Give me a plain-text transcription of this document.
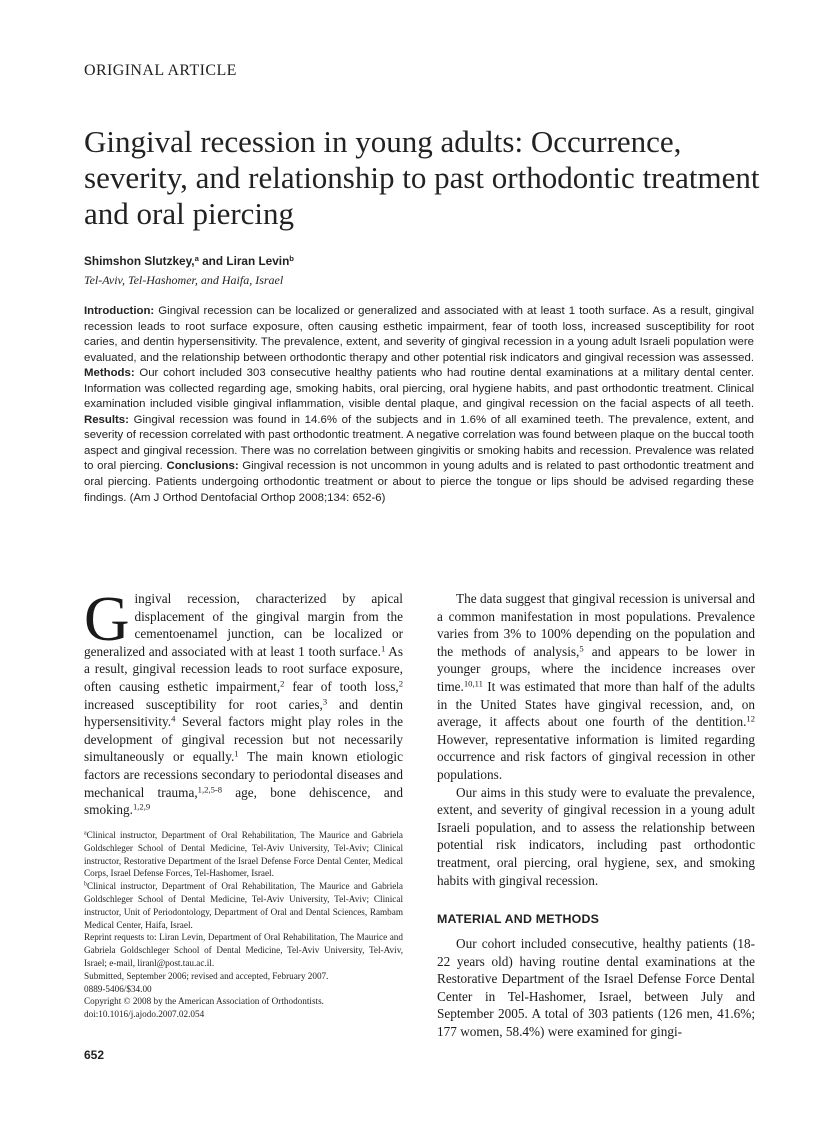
ORIGINAL ARTICLE
Gingival recession in young adults: Occurrence, severity, and relationship to past orthodontic treatment and oral piercing
Shimshon Slutzkey,$^a$ and Liran Levin$^b$
Tel-Aviv, Tel-Hashomer, and Haifa, Israel
Introduction: Gingival recession can be localized or generalized and associated with at least 1 tooth surface. As a result, gingival recession leads to root surface exposure, often causing esthetic impairment, fear of tooth loss, increased susceptibility for root caries, and dentin hypersensitivity. The prevalence, extent, and severity of gingival recession in a young adult Israeli population were evaluated, and the relationship between orthodontic therapy and other potential risk indicators and gingival recession was assessed. Methods: Our cohort included 303 consecutive healthy patients who had routine dental examinations at a military dental center. Information was collected regarding age, smoking habits, oral piercing, oral hygiene habits, and past orthodontic treatment. Clinical examination included visible gingival inflammation, visible dental plaque, and gingival recession on the facial aspects of all teeth. Results: Gingival recession was found in 14.6% of the subjects and in 1.6% of all examined teeth. The prevalence, extent, and severity of recession correlated with past orthodontic treatment. A negative correlation was found between plaque on the buccal tooth aspect and gingival recession. There was no correlation between gingivitis or smoking habits and recession. Prevalence was related to oral piercing. Conclusions: Gingival recession is not uncommon in young adults and is related to past orthodontic treatment and oral piercing. Patients undergoing orthodontic treatment or about to pierce the tongue or lips should be advised regarding these findings. (Am J Orthod Dentofacial Orthop 2008;134: 652-6)

Gingival recession, characterized by apical displacement of the gingival margin from the cementoenamel junction, can be localized or generalized and associated with at least 1 tooth surface.$^1$ As a result, gingival recession leads to root surface exposure, often causing esthetic impairment,$^2$ fear of tooth loss,$^2$ increased susceptibility for root caries,$^3$ and dentin hypersensitivity.$^4$ Several factors might play roles in the development of gingival recession but not necessarily simultaneously or equally.$^1$ The main known etiologic factors are recessions secondary to periodontal diseases and mechanical trauma,$^{1,2,5-8}$ age, bone dehiscence, and smoking.$^{1,2,9}$

$^a$Clinical instructor, Department of Oral Rehabilitation, The Maurice and Gabriela Goldschleger School of Dental Medicine, Tel-Aviv University, Tel-Aviv; Clinical instructor, Restorative Department of the Israel Defense Force Dental Center, Medical Corps, Israel Defense Forces, Tel-Hashomer, Israel.

$^b$Clinical instructor, Department of Oral Rehabilitation, The Maurice and Gabriela Goldschleger School of Dental Medicine, Tel-Aviv University, Tel-Aviv; Clinical instructor, Unit of Periodontology, Department of Oral and Dental Sciences, Rambam Medical Center, Haifa, Israel.

Reprint requests to: Liran Levin, Department of Oral Rehabilitation, The Maurice and Gabriela Goldschleger School of Dental Medicine, Tel-Aviv University, Tel-Aviv, Israel; e-mail, liranl@post.tau.ac.il.

Submitted, September 2006; revised and accepted, February 2007.

0889-5406/$34.00

Copyright © 2008 by the American Association of Orthodontists.

doi:10.1016/j.ajodo.2007.02.054

The data suggest that gingival recession is universal and a common manifestation in most populations. Prevalence varies from 3% to 100% depending on the population and the methods of analysis,$^5$ and appears to be lower in younger groups, where the incidence increases over time.$^{10,11}$ It was estimated that more than half of the adults in the United States have gingival recession, and, on average, it affects about one fourth of the dentition.$^{12}$ However, representative information is limited regarding occurrence and risk factors of gingival recession in other populations.

Our aims in this study were to evaluate the prevalence, extent, and severity of gingival recession in a young adult Israeli population, and to assess the relationship between potential risk indicators, including past orthodontic treatment, oral piercing, oral hygiene, sex, and smoking habits with gingival recession.

MATERIAL AND METHODS

Our cohort included consecutive, healthy patients (18-22 years old) having routine dental examinations at the Restorative Department of the Israel Defense Force Dental Center in Tel-Hashomer, Israel, between July and September 2005. A total of 303 patients (126 men, 41.6%; 177 women, 58.4%) were examined for gingi-

652
